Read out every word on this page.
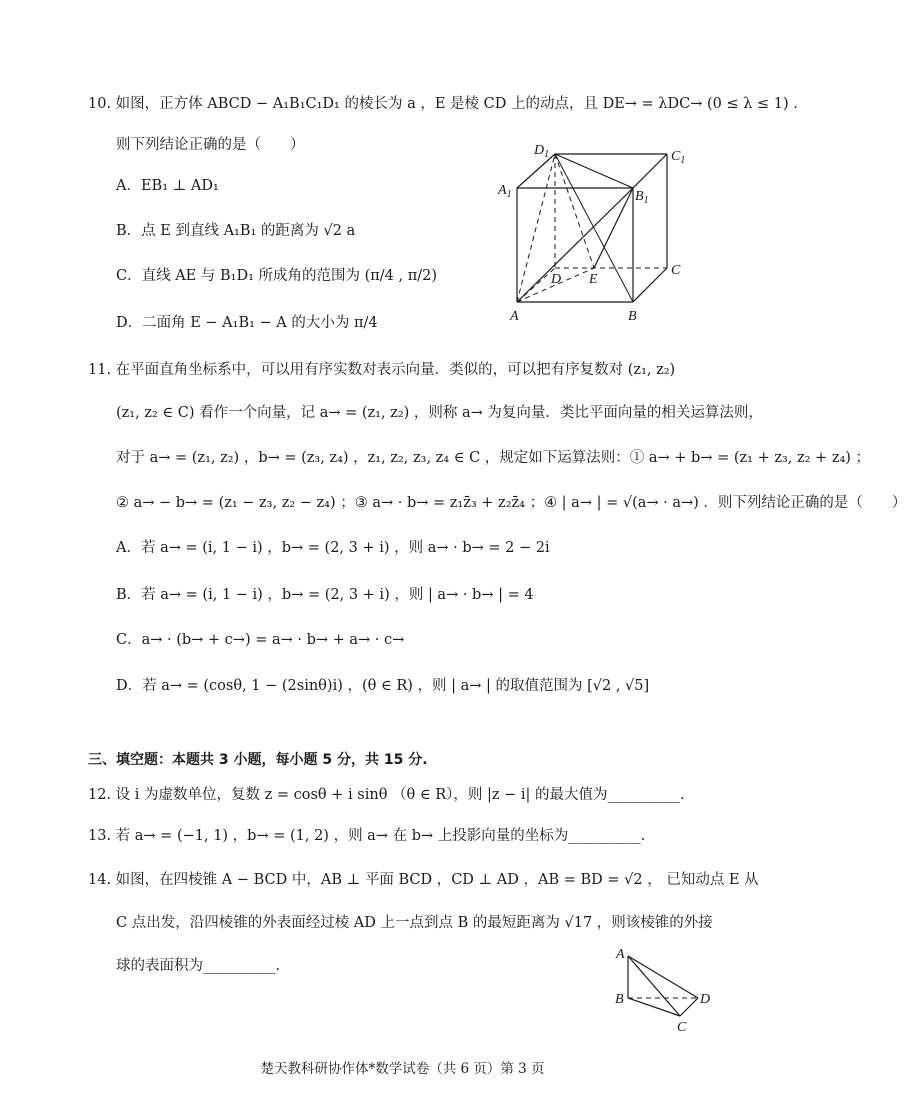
10. 如图，正方体 ABCD − A₁B₁C₁D₁ 的棱长为 a ，E 是棱 CD 上的动点，且 DE→ = λDC→ (0 ≤ λ ≤ 1) .
则下列结论正确的是（　　）
A．EB₁ ⊥ AD₁
B．点 E 到直线 A₁B₁ 的距离为 √2 a
C．直线 AE 与 B₁D₁ 所成角的范围为 (π/4 , π/2)
D．二面角 E − A₁B₁ − A 的大小为 π/4
$D_1$	$C_1$
$A_1$	$B_1$
D E
C
A	B
11. 在平面直角坐标系中，可以用有序实数对表示向量．类似的，可以把有序复数对 (z₁, z₂)
(z₁, z₂ ∈ C) 看作一个向量，记 a→ = (z₁, z₂) ，则称 a→ 为复向量．类比平面向量的相关运算法则，
对于 a→ = (z₁, z₂) ，b→ = (z₃, z₄) ，z₁, z₂, z₃, z₄ ∈ C ，规定如下运算法则：① a→ + b→ = (z₁ + z₃, z₂ + z₄) ；
② a→ − b→ = (z₁ − z₃, z₂ − z₄) ；③ a→ · b→ = z₁z̄₃ + z₂z̄₄ ；④ | a→ | = √(a→ · a→) ．则下列结论正确的是（　　）
A．若 a→ = (i, 1 − i) ，b→ = (2, 3 + i) ，则 a→ · b→ = 2 − 2i
B．若 a→ = (i, 1 − i) ，b→ = (2, 3 + i) ，则 | a→ · b→ | = 4
C．a→ · (b→ + c→) = a→ · b→ + a→ · c→
D．若 a→ = (cosθ, 1 − (2sinθ)i) ，(θ ∈ R) ，则 | a→ | 的取值范围为 [√2 , √5]
三、填空题：本题共 3 小题，每小题 5 分，共 15 分.
12. 设 i 为虚数单位，复数 z = cosθ + i sinθ （θ ∈ R），则 |z − i| 的最大值为__________．
13. 若 a→ = (−1, 1) ，b→ = (1, 2) ，则 a→ 在 b→ 上投影向量的坐标为__________.
14. 如图，在四棱锥 A − BCD 中，AB ⊥ 平面 BCD ，CD ⊥ AD ，AB = BD = √2 ， 已知动点 E 从
C 点出发，沿四棱锥的外表面经过棱 AD 上一点到点 B 的最短距离为 √17 ，则该棱锥的外接
球的表面积为__________.
A
B	D
C
楚天教科研协作体*数学试卷（共 6 页）第 3 页
